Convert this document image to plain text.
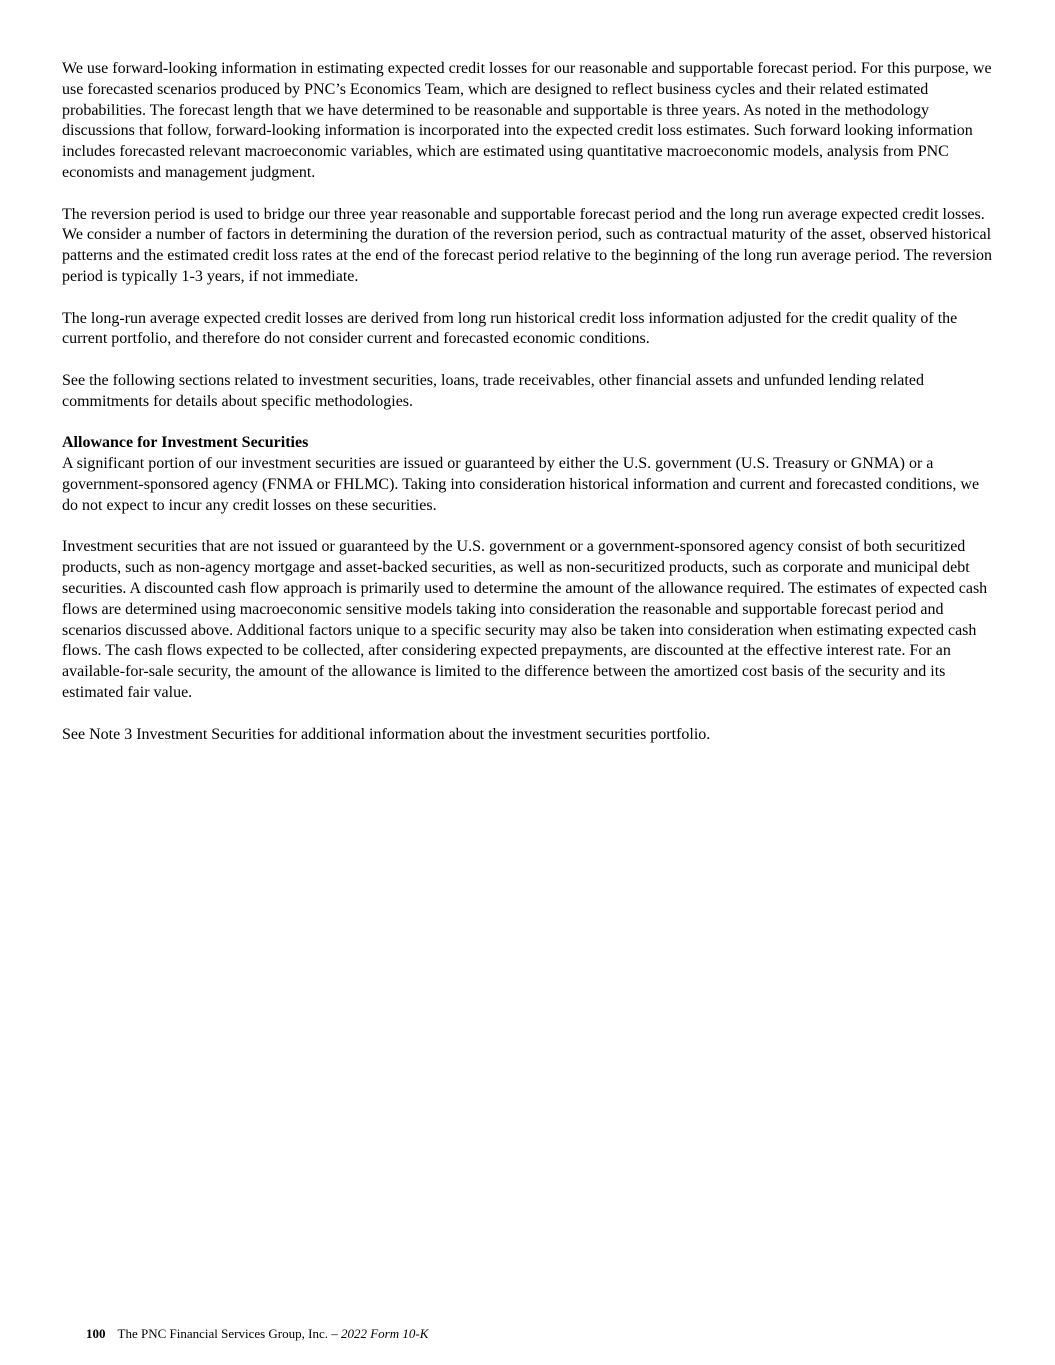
We use forward-looking information in estimating expected credit losses for our reasonable and supportable forecast period. For this purpose, we use forecasted scenarios produced by PNC’s Economics Team, which are designed to reflect business cycles and their related estimated probabilities. The forecast length that we have determined to be reasonable and supportable is three years. As noted in the methodology discussions that follow, forward-looking information is incorporated into the expected credit loss estimates. Such forward looking information includes forecasted relevant macroeconomic variables, which are estimated using quantitative macroeconomic models, analysis from PNC economists and management judgment.

The reversion period is used to bridge our three year reasonable and supportable forecast period and the long run average expected credit losses. We consider a number of factors in determining the duration of the reversion period, such as contractual maturity of the asset, observed historical patterns and the estimated credit loss rates at the end of the forecast period relative to the beginning of the long run average period. The reversion period is typically 1-3 years, if not immediate.

The long-run average expected credit losses are derived from long run historical credit loss information adjusted for the credit quality of the current portfolio, and therefore do not consider current and forecasted economic conditions.

See the following sections related to investment securities, loans, trade receivables, other financial assets and unfunded lending related commitments for details about specific methodologies.

Allowance for Investment Securities

A significant portion of our investment securities are issued or guaranteed by either the U.S. government (U.S. Treasury or GNMA) or a government-sponsored agency (FNMA or FHLMC). Taking into consideration historical information and current and forecasted conditions, we do not expect to incur any credit losses on these securities.

Investment securities that are not issued or guaranteed by the U.S. government or a government-sponsored agency consist of both securitized products, such as non-agency mortgage and asset-backed securities, as well as non-securitized products, such as corporate and municipal debt securities. A discounted cash flow approach is primarily used to determine the amount of the allowance required. The estimates of expected cash flows are determined using macroeconomic sensitive models taking into consideration the reasonable and supportable forecast period and scenarios discussed above. Additional factors unique to a specific security may also be taken into consideration when estimating expected cash flows. The cash flows expected to be collected, after considering expected prepayments, are discounted at the effective interest rate. For an available-for-sale security, the amount of the allowance is limited to the difference between the amortized cost basis of the security and its estimated fair value.

See Note 3 Investment Securities for additional information about the investment securities portfolio.

100 The PNC Financial Services Group, Inc. – 2022 Form 10-K
